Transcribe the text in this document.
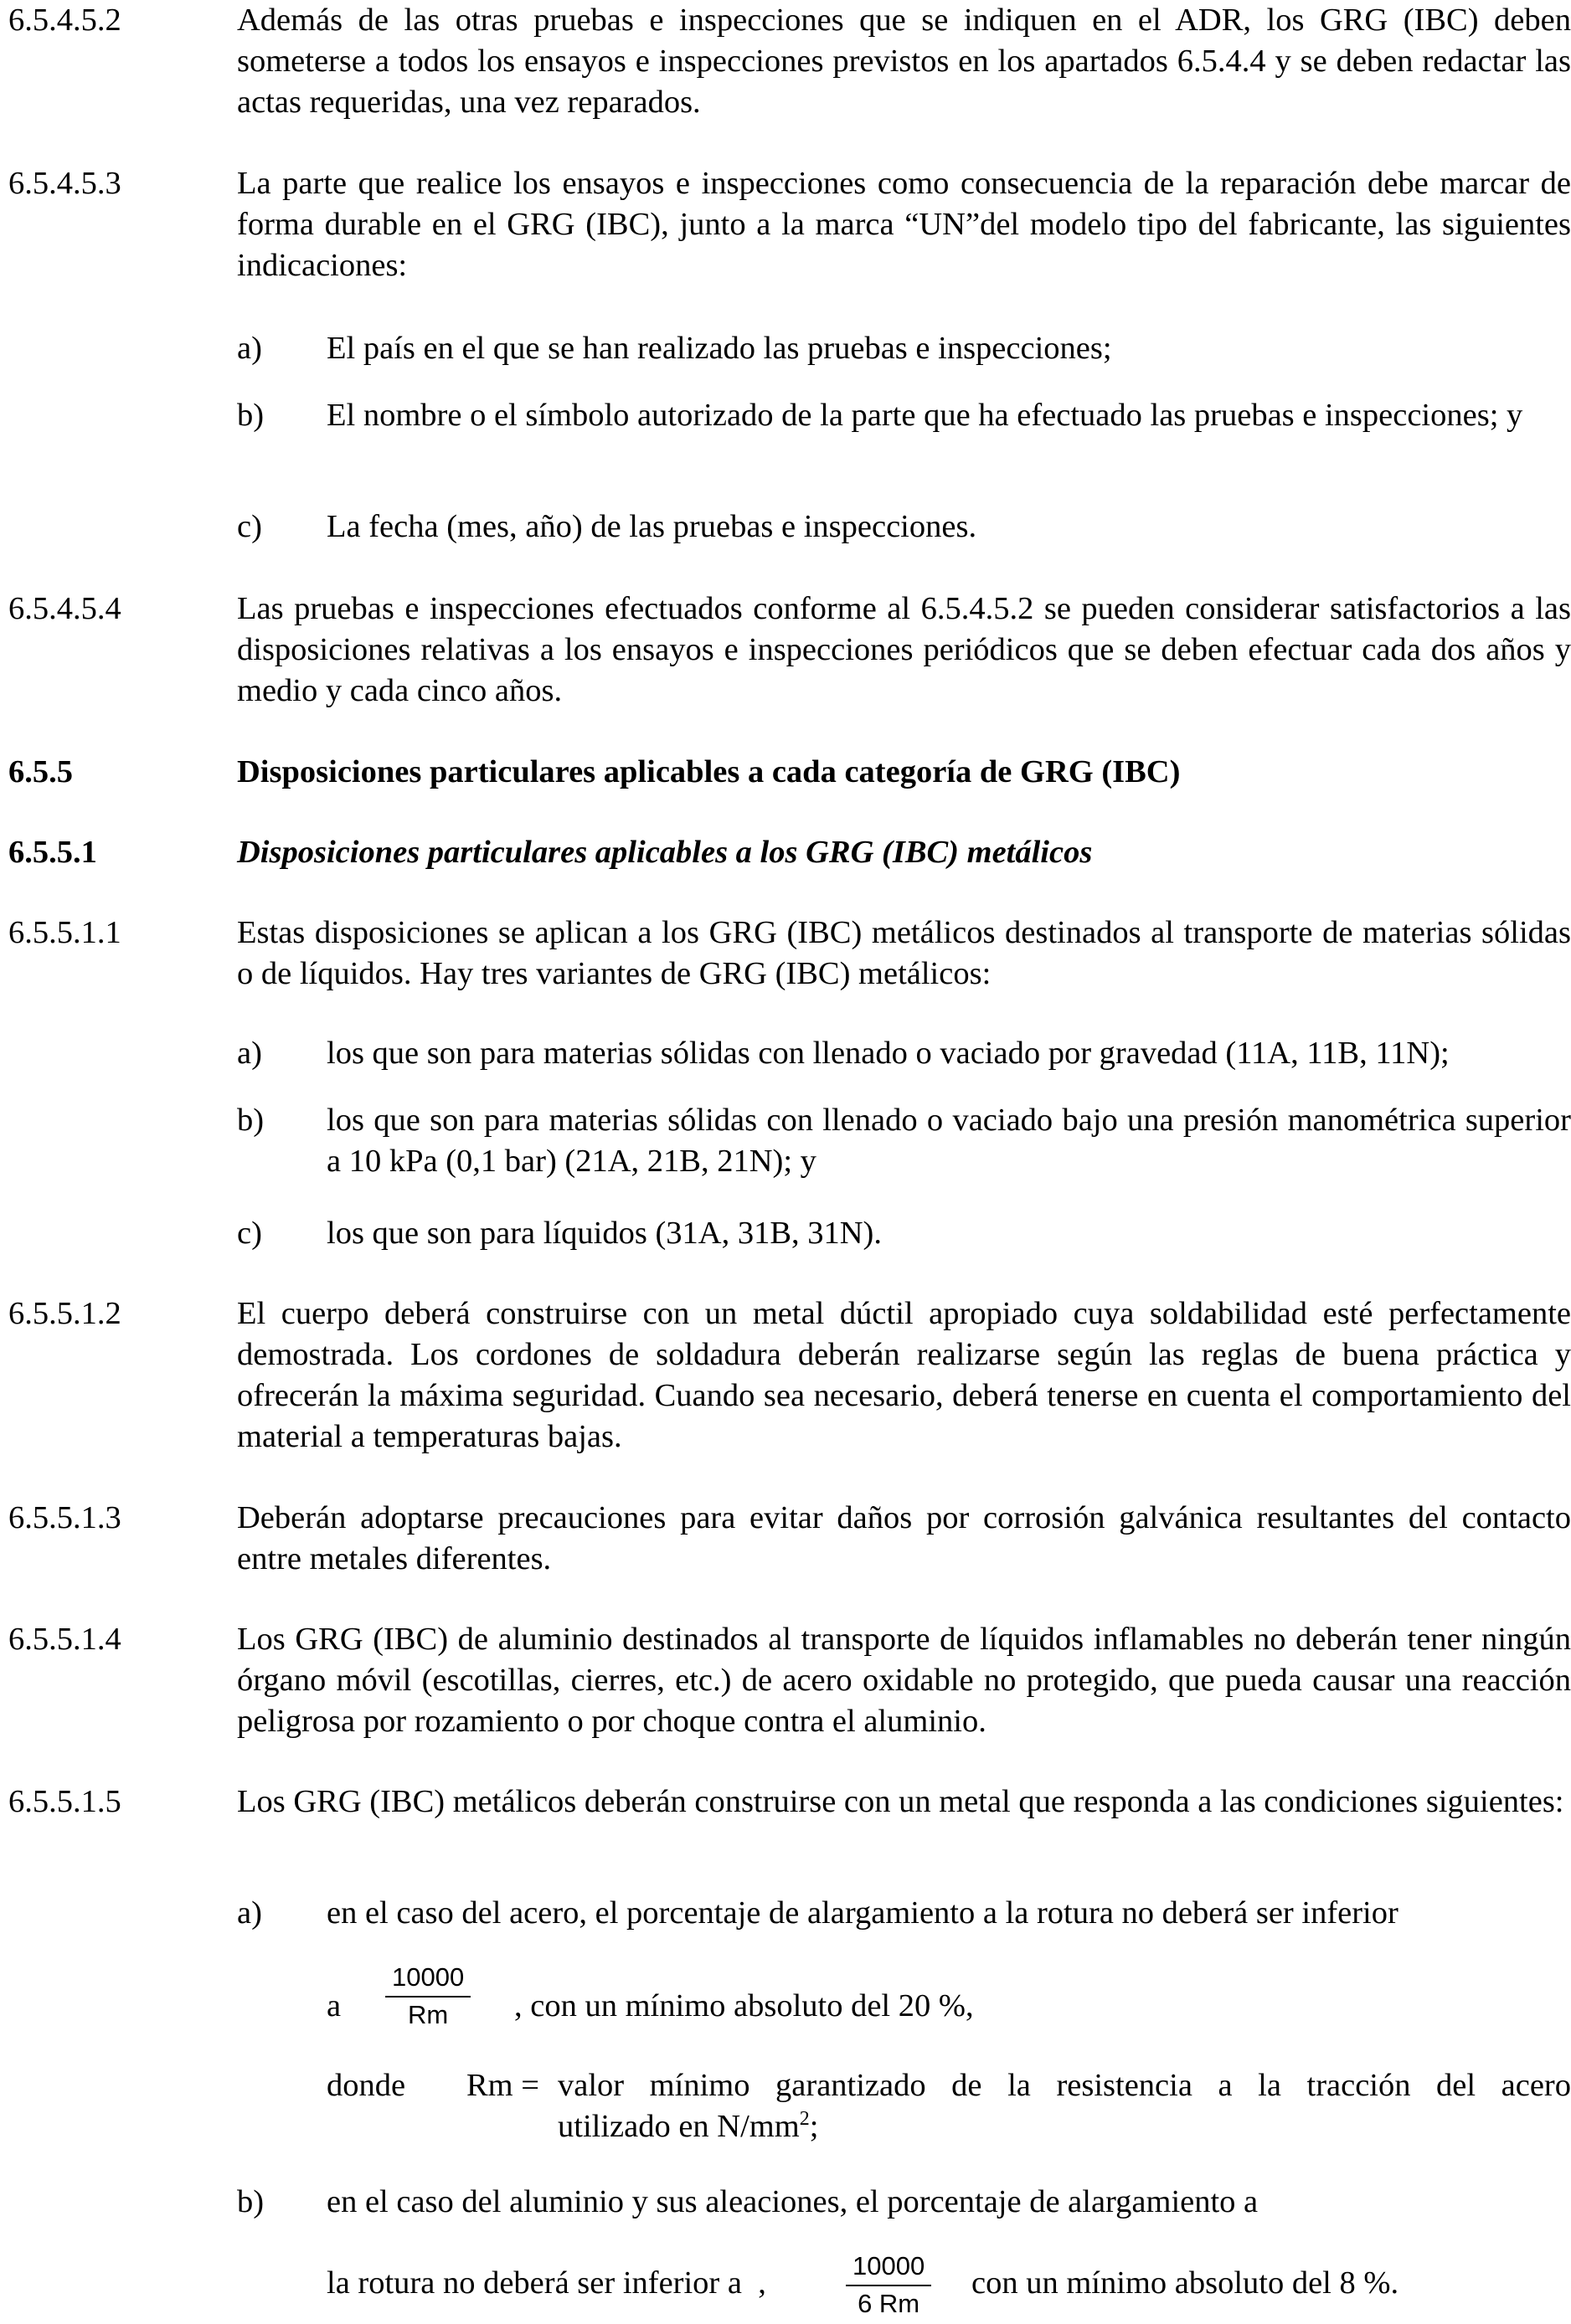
6.5.4.5.2	Además de las otras pruebas e inspecciones que se indiquen en el ADR, los GRG (IBC) deben someterse a todos los ensayos e inspecciones previstos en los apartados 6.5.4.4 y se deben redactar las actas requeridas, una vez reparados.
6.5.4.5.3	La parte que realice los ensayos e inspecciones como consecuencia de la reparación debe marcar de forma durable en el GRG (IBC), junto a la marca “UN”del modelo tipo del fabricante, las siguientes indicaciones:
a) El país en el que se han realizado las pruebas e inspecciones;
b) El nombre o el símbolo autorizado de la parte que ha efectuado las pruebas e inspecciones; y
c) La fecha (mes, año) de las pruebas e inspecciones.
6.5.4.5.4	Las pruebas e inspecciones efectuados conforme al 6.5.4.5.2 se pueden considerar satisfactorios a las disposiciones relativas a los ensayos e inspecciones periódicos que se deben efectuar cada dos años y medio y cada cinco años.
6.5.5	Disposiciones particulares aplicables a cada categoría de GRG (IBC)
6.5.5.1	Disposiciones particulares aplicables a los GRG (IBC) metálicos
6.5.5.1.1	Estas disposiciones se aplican a los GRG (IBC) metálicos destinados al transporte de materias sólidas o de líquidos. Hay tres variantes de GRG (IBC) metálicos:
a) los que son para materias sólidas con llenado o vaciado por gravedad (11A, 11B, 11N);
b) los que son para materias sólidas con llenado o vaciado bajo una presión manométrica superior a 10 kPa (0,1 bar) (21A, 21B, 21N); y
c) los que son para líquidos (31A, 31B, 31N).
6.5.5.1.2	El cuerpo deberá construirse con un metal dúctil apropiado cuya soldabilidad esté perfectamente demostrada. Los cordones de soldadura deberán realizarse según las reglas de buena práctica y ofrecerán la máxima seguridad. Cuando sea necesario, deberá tenerse en cuenta el comportamiento del material a temperaturas bajas.
6.5.5.1.3	Deberán adoptarse precauciones para evitar daños por corrosión galvánica resultantes del contacto entre metales diferentes.
6.5.5.1.4	Los GRG (IBC) de aluminio destinados al transporte de líquidos inflamables no deberán tener ningún órgano móvil (escotillas, cierres, etc.) de acero oxidable no protegido, que pueda causar una reacción peligrosa por rozamiento o por choque contra el aluminio.
6.5.5.1.5	Los GRG (IBC) metálicos deberán construirse con un metal que responda a las condiciones siguientes:
a) en el caso del acero, el porcentaje de alargamiento a la rotura no deberá ser inferior
a $\frac{10000}{Rm}$ , con un mínimo absoluto del 20 %,
donde Rm = valor mínimo garantizado de la resistencia a la tracción del acero
utilizado en $N/mm^2$;
b) en el caso del aluminio y sus aleaciones, el porcentaje de alargamiento a
la rotura no deberá ser inferior a  ,	$\frac{10000}{6 Rm}$ con un mínimo absoluto del 8 %.
